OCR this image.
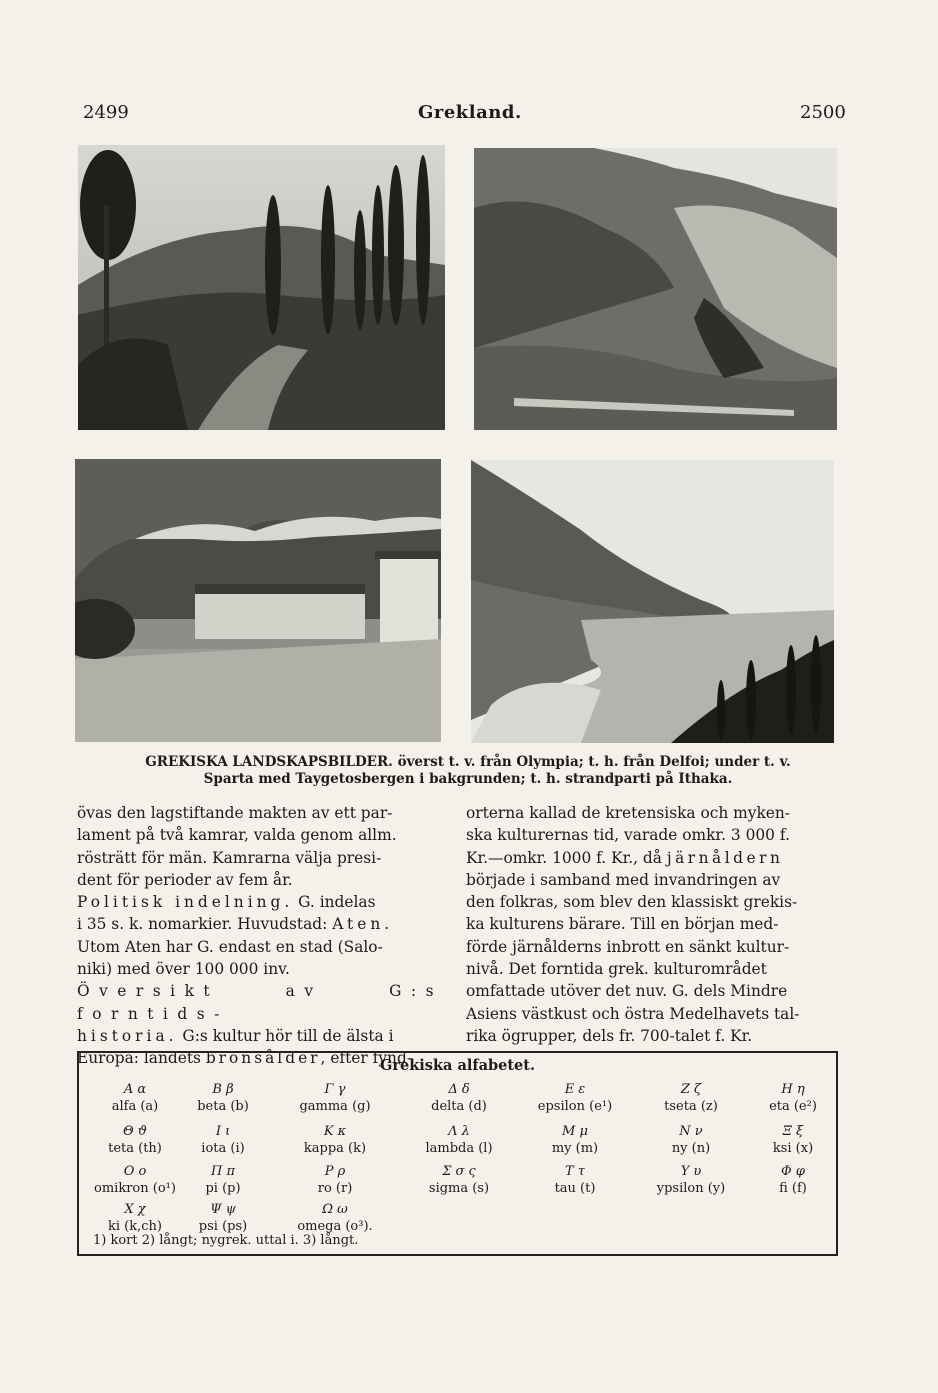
2499	Grekland.	2500
GREKISKA LANDSKAPSBILDER. överst t. v. från Olympia; t. h. från Delfoi; under t. v.
Sparta med Taygetosbergen i bakgrunden; t. h. strandparti på Ithaka.

övas den lagstiftande makten av ett par-

lament på två kamrar, valda genom allm.

rösträtt för män. Kamrarna välja presi-

dent för perioder av fem år.

Politisk indelning. G. indelas

i 35 s. k. nomarkier. Huvudstad: Aten.

Utom Aten har G. endast en stad (Salo-

niki) med över 100 000 inv.

Översikt av G:s forntids-

historia. G:s kultur hör till de älsta i

Europa: landets bronsålder, efter fynd-

orterna kallad de kretensiska och myken-

ska kulturernas tid, varade omkr. 3 000 f.

Kr.—omkr. 1000 f. Kr., då järnåldern

började i samband med invandringen av

den folkras, som blev den klassiskt grekis-

ka kulturens bärare. Till en början med-

förde järnålderns inbrott en sänkt kultur-

nivå. Det forntida grek. kulturområdet

omfattade utöver det nuv. G. dels Mindre

Asiens västkust och östra Medelhavets tal-

rika ögrupper, dels fr. 700-talet f. Kr.

Grekiska alfabetet.
Α α
alfa (a)
Β β
beta (b)
Γ γ
gamma (g)
Δ δ
delta (d)
Ε ε
epsilon (e¹)
Ζ ζ
tseta (z)
Η η
eta (e²)
Θ ϑ
teta (th)
Ι ι
iota (i)
Κ κ
kappa (k)
Λ λ
lambda (l)
Μ μ
my (m)
Ν ν
ny (n)
Ξ ξ
ksi (x)
Ο ο
omikron (o¹)
Π π
pi (p)
Ρ ρ
ro (r)
Σ σ ς
sigma (s)
Τ τ
tau (t)
Υ υ
ypsilon (y)
Φ φ
fi (f)
Χ χ
ki (k,ch)
Ψ ψ
psi (ps)
Ω ω
omega (o³).
1) kort 2) långt; nygrek. uttal i. 3) långt.
